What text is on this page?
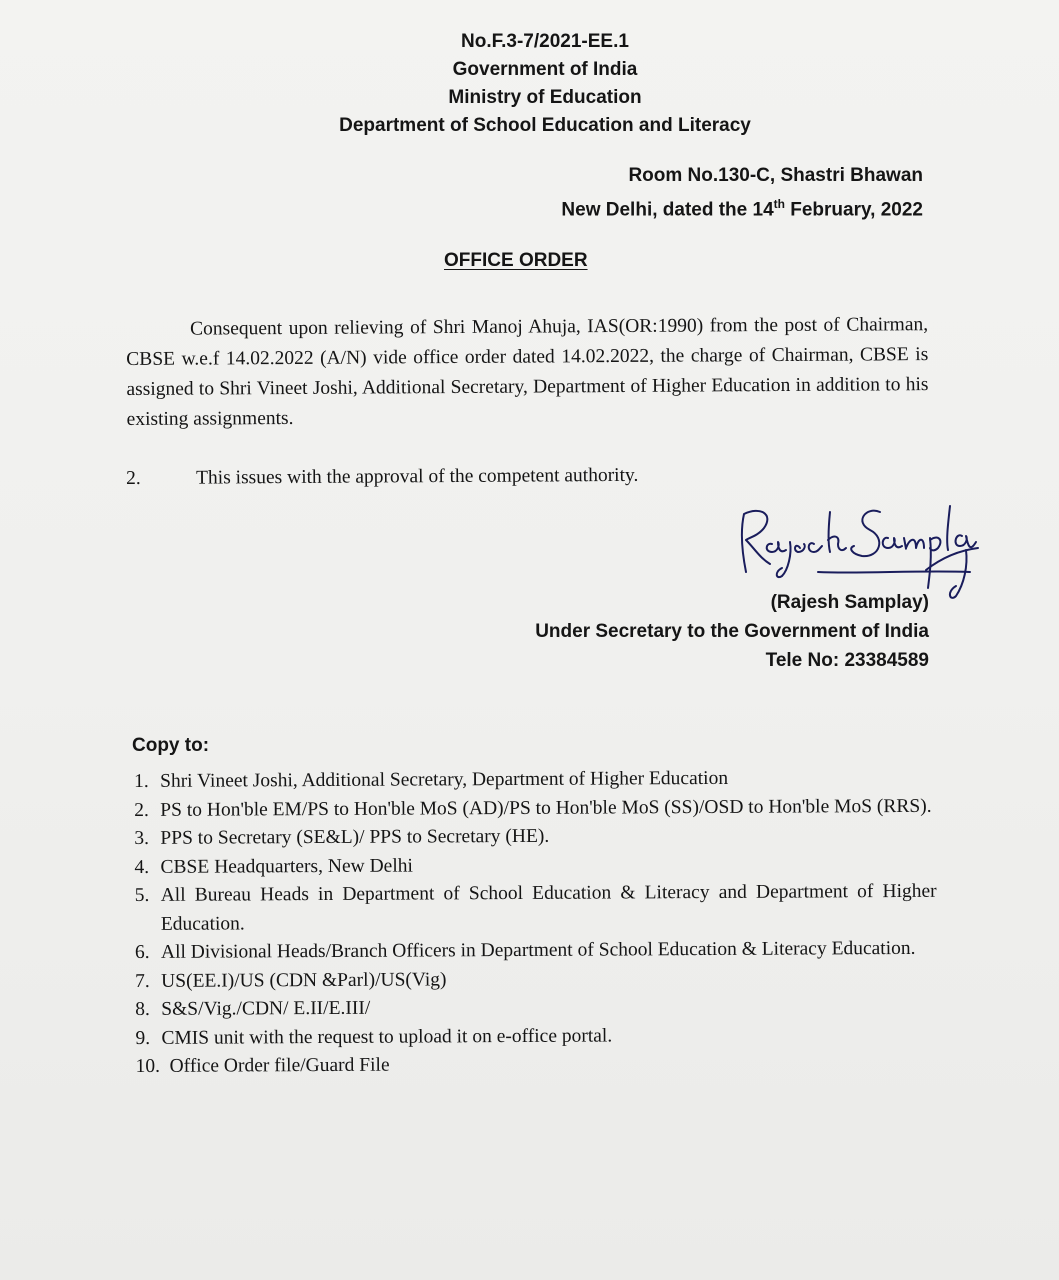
No.F.3-7/2021-EE.1
Government of India
Ministry of Education
Department of School Education and Literacy
Room No.130-C, Shastri Bhawan
New Delhi, dated the 14th February, 2022
OFFICE ORDER
Consequent upon relieving of Shri Manoj Ahuja, IAS(OR:1990) from the post of Chairman, CBSE w.e.f 14.02.2022 (A/N) vide office order dated 14.02.2022, the charge of Chairman, CBSE is assigned to Shri Vineet Joshi, Additional Secretary, Department of Higher Education in addition to his existing assignments.
2.	This issues with the approval of the competent authority.
(Rajesh Samplay)
Under Secretary to the Government of India
Tele No: 23384589
Copy to:
1. Shri Vineet Joshi, Additional Secretary, Department of Higher Education
2. PS to Hon'ble EM/PS to Hon'ble MoS (AD)/PS to Hon'ble MoS (SS)/OSD to Hon'ble MoS (RRS).
3. PPS to Secretary (SE&L)/ PPS to Secretary (HE).
4. CBSE Headquarters, New Delhi
5. All Bureau Heads in Department of School Education & Literacy and Department of Higher Education.
6. All Divisional Heads/Branch Officers in Department of School Education & Literacy Education.
7. US(EE.I)/US (CDN &Parl)/US(Vig)
8. S&S/Vig./CDN/ E.II/E.III/
9. CMIS unit with the request to upload it on e-office portal.
10. Office Order file/Guard File
